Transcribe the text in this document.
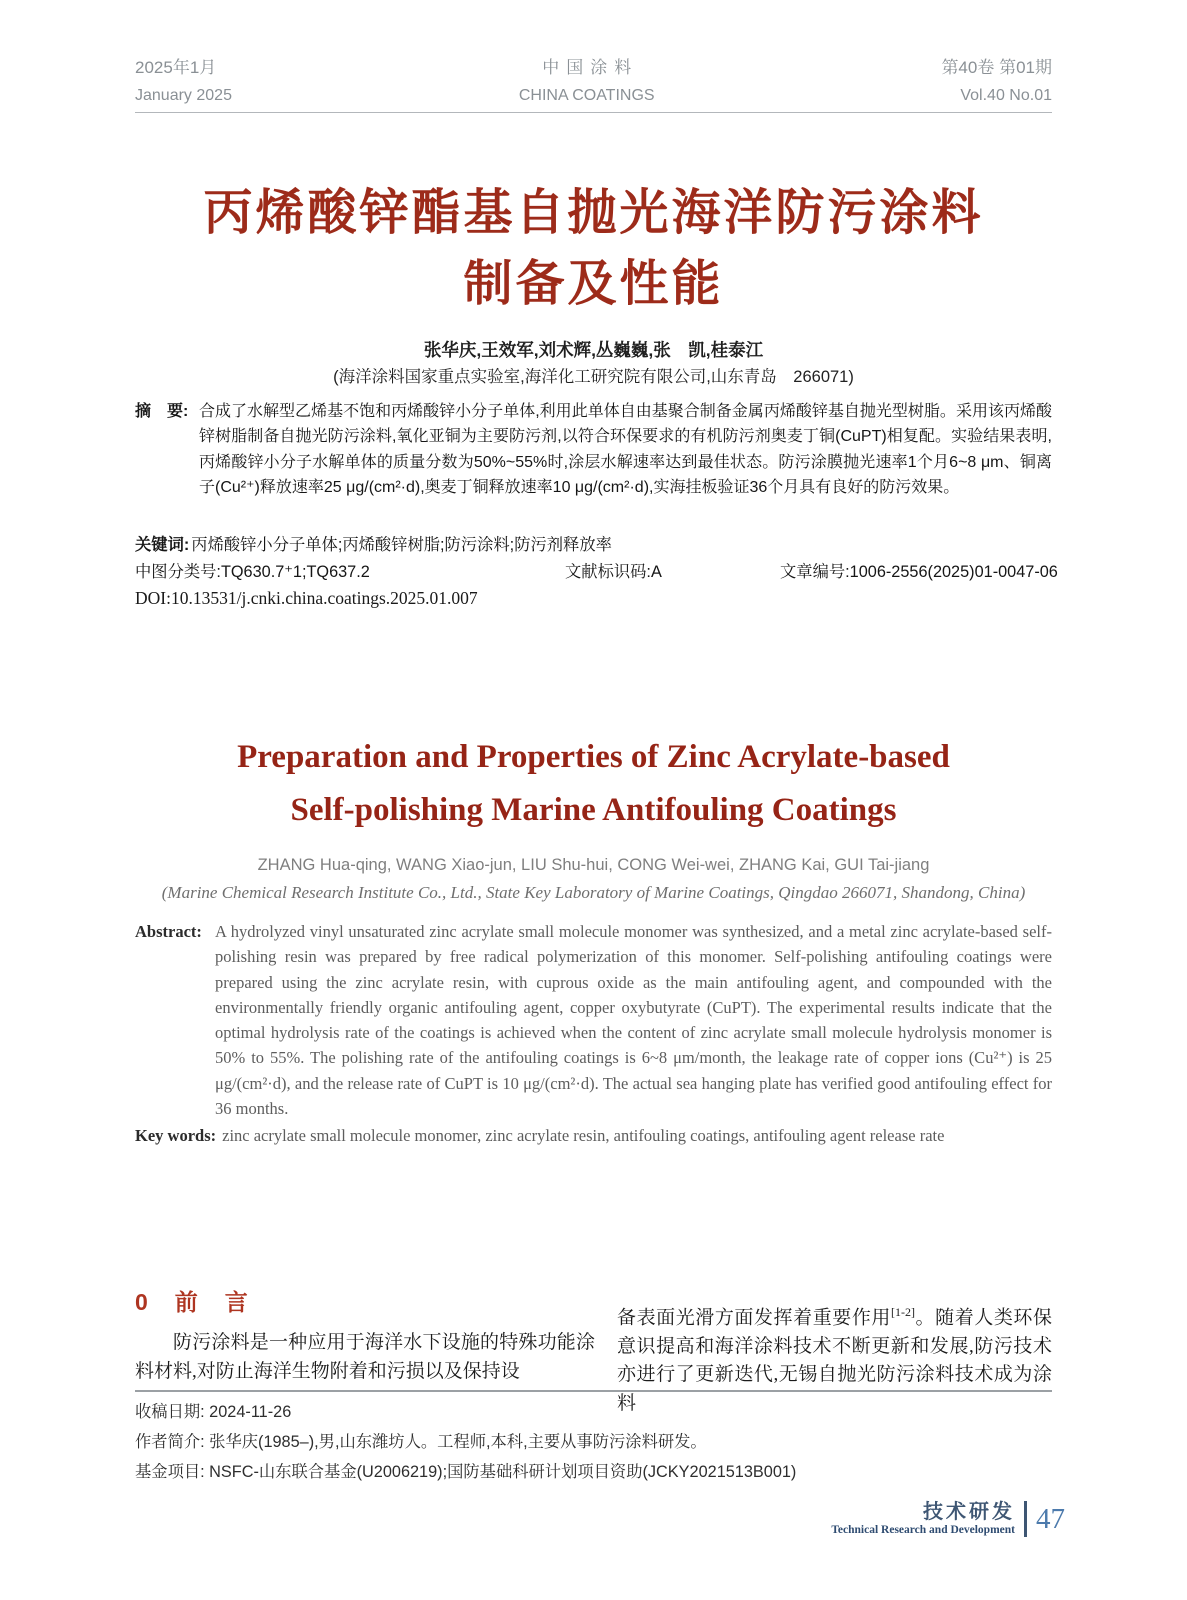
2025年1月
January 2025
中国涂料
CHINA COATINGS
第40卷 第01期
Vol.40 No.01
丙烯酸锌酯基自抛光海洋防污涂料
制备及性能
张华庆,王效军,刘术辉,丛巍巍,张　凯,桂泰江
(海洋涂料国家重点实验室,海洋化工研究院有限公司,山东青岛　266071)
摘　要: 合成了水解型乙烯基不饱和丙烯酸锌小分子单体,利用此单体自由基聚合制备金属丙烯酸锌基自抛光型树脂。采用该丙烯酸锌树脂制备自抛光防污涂料,氧化亚铜为主要防污剂,以符合环保要求的有机防污剂奥麦丁铜(CuPT)相复配。实验结果表明,丙烯酸锌小分子水解单体的质量分数为50%~55%时,涂层水解速率达到最佳状态。防污涂膜抛光速率1个月6~8 μm、铜离子(Cu²⁺)释放速率25 μg/(cm²·d),奥麦丁铜释放速率10 μg/(cm²·d),实海挂板验证36个月具有良好的防污效果。
关键词: 丙烯酸锌小分子单体;丙烯酸锌树脂;防污涂料;防污剂释放率
中图分类号:TQ630.7⁺1;TQ637.2	文献标识码:A	文章编号:1006-2556(2025)01-0047-06
DOI:10.13531/j.cnki.china.coatings.2025.01.007
Preparation and Properties of Zinc Acrylate-based
Self-polishing Marine Antifouling Coatings
ZHANG Hua-qing, WANG Xiao-jun, LIU Shu-hui, CONG Wei-wei, ZHANG Kai, GUI Tai-jiang
(Marine Chemical Research Institute Co., Ltd., State Key Laboratory of Marine Coatings, Qingdao 266071, Shandong, China)
Abstract: A hydrolyzed vinyl unsaturated zinc acrylate small molecule monomer was synthesized, and a metal zinc acrylate-based self-polishing resin was prepared by free radical polymerization of this monomer. Self-polishing antifouling coatings were prepared using the zinc acrylate resin, with cuprous oxide as the main antifouling agent, and compounded with the environmentally friendly organic antifouling agent, copper oxybutyrate (CuPT). The experimental results indicate that the optimal hydrolysis rate of the coatings is achieved when the content of zinc acrylate small molecule hydrolysis monomer is 50% to 55%. The polishing rate of the antifouling coatings is 6~8 μm/month, the leakage rate of copper ions (Cu²⁺) is 25 μg/(cm²·d), and the release rate of CuPT is 10 μg/(cm²·d). The actual sea hanging plate has verified good antifouling effect for 36 months.
Key words: zinc acrylate small molecule monomer, zinc acrylate resin, antifouling coatings, antifouling agent release rate
0　前　言

防污涂料是一种应用于海洋水下设施的特殊功能涂料材料,对防止海洋生物附着和污损以及保持设

备表面光滑方面发挥着重要作用[1-2]。随着人类环保意识提高和海洋涂料技术不断更新和发展,防污技术亦进行了更新迭代,无锡自抛光防污涂料技术成为涂料

收稿日期: 2024-11-26
作者简介: 张华庆(1985–),男,山东潍坊人。工程师,本科,主要从事防污涂料研发。
基金项目: NSFC-山东联合基金(U2006219);国防基础科研计划项目资助(JCKY2021513B001)
技术研发
Technical Research and Development 47
